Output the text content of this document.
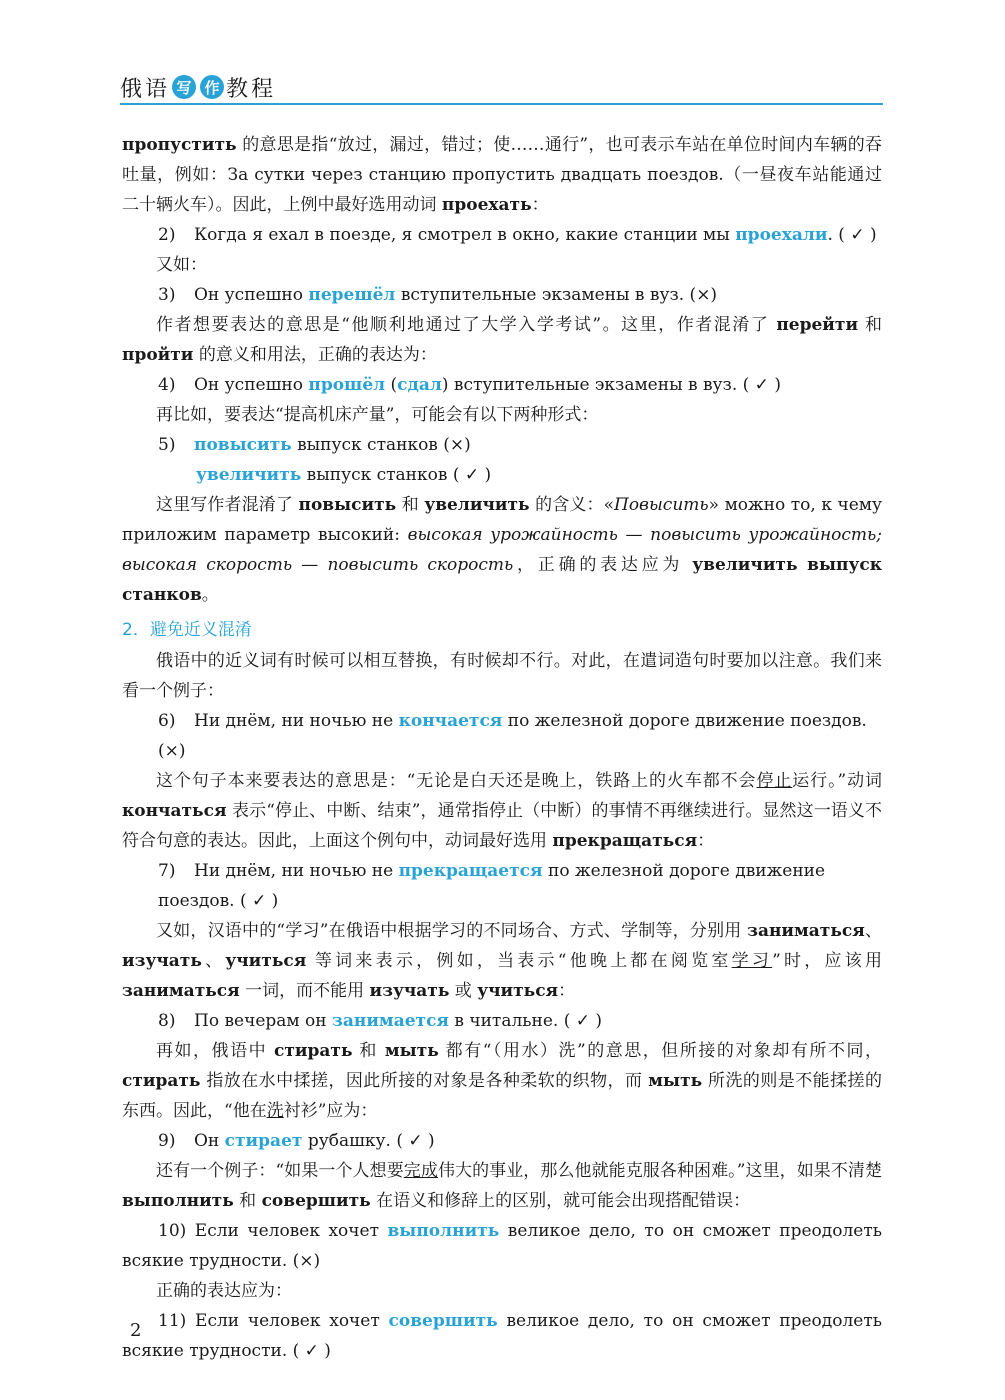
俄 语 写 作 教 程
пропустить 的意思是指“放过，漏过，错过；使……通行”，也可表示车站在单位时间内车辆的吞吐量，例如：За сутки через станцию пропустить двадцать поездов.（一昼夜车站能通过二十辆火车）。因此，上例中最好选用动词 проехать：
2) Когда я ехал в поезде, я смотрел в окно, какие станции мы проехали. ( ✓ )
又如：
3) Он успешно перешёл вступительные экзамены в вуз. (×)
作者想要表达的意思是“他顺利地通过了大学入学考试”。这里，作者混淆了 перейти 和 пройти 的意义和用法，正确的表达为：
4) Он успешно прошёл (сдал) вступительные экзамены в вуз. ( ✓ )
再比如，要表达“提高机床产量”，可能会有以下两种形式：
5) повысить выпуск станков (×)
увеличить выпуск станков ( ✓ )
这里写作者混淆了 повысить 和 увеличить 的含义：«Повысить» можно то, к чему приложим параметр высокий: высокая урожайность — повысить урожайность; высокая скорость — повысить скорость，正确的表达应为 увеличить выпуск станков。
2．避免近义混淆
俄语中的近义词有时候可以相互替换，有时候却不行。对此，在遣词造句时要加以注意。我们来看一个例子：
6) Ни днём, ни ночью не кончается по железной дороге движение поездов. (×)
这个句子本来要表达的意思是：“无论是白天还是晚上，铁路上的火车都不会停止运行。”动词 кончаться 表示“停止、中断、结束”，通常指停止（中断）的事情不再继续进行。显然这一语义不符合句意的表达。因此，上面这个例句中，动词最好选用 прекращаться：
7) Ни днём, ни ночью не прекращается по железной дороге движение поездов. ( ✓ )
又如，汉语中的“学习”在俄语中根据学习的不同场合、方式、学制等，分别用 заниматься、изучать、учиться 等词来表示，例如，当表示“他晚上都在阅览室学习”时，应该用 заниматься 一词，而不能用 изучать 或 учиться：
8) По вечерам он занимается в читальне. ( ✓ )
再如，俄语中 стирать 和 мыть 都有“（用水）洗”的意思，但所接的对象却有所不同，стирать 指放在水中揉搓，因此所接的对象是各种柔软的织物，而 мыть 所洗的则是不能揉搓的东西。因此，“他在洗衬衫”应为：
9) Он стирает рубашку. ( ✓ )
还有一个例子：“如果一个人想要完成伟大的事业，那么他就能克服各种困难。”这里，如果不清楚 выполнить 和 совершить 在语义和修辞上的区别，就可能会出现搭配错误：
10) Если человек хочет выполнить великое дело, то он сможет преодолеть всякие трудности. (×)
正确的表达应为：
11) Если человек хочет совершить великое дело, то он сможет преодолеть всякие трудности. ( ✓ )
2
